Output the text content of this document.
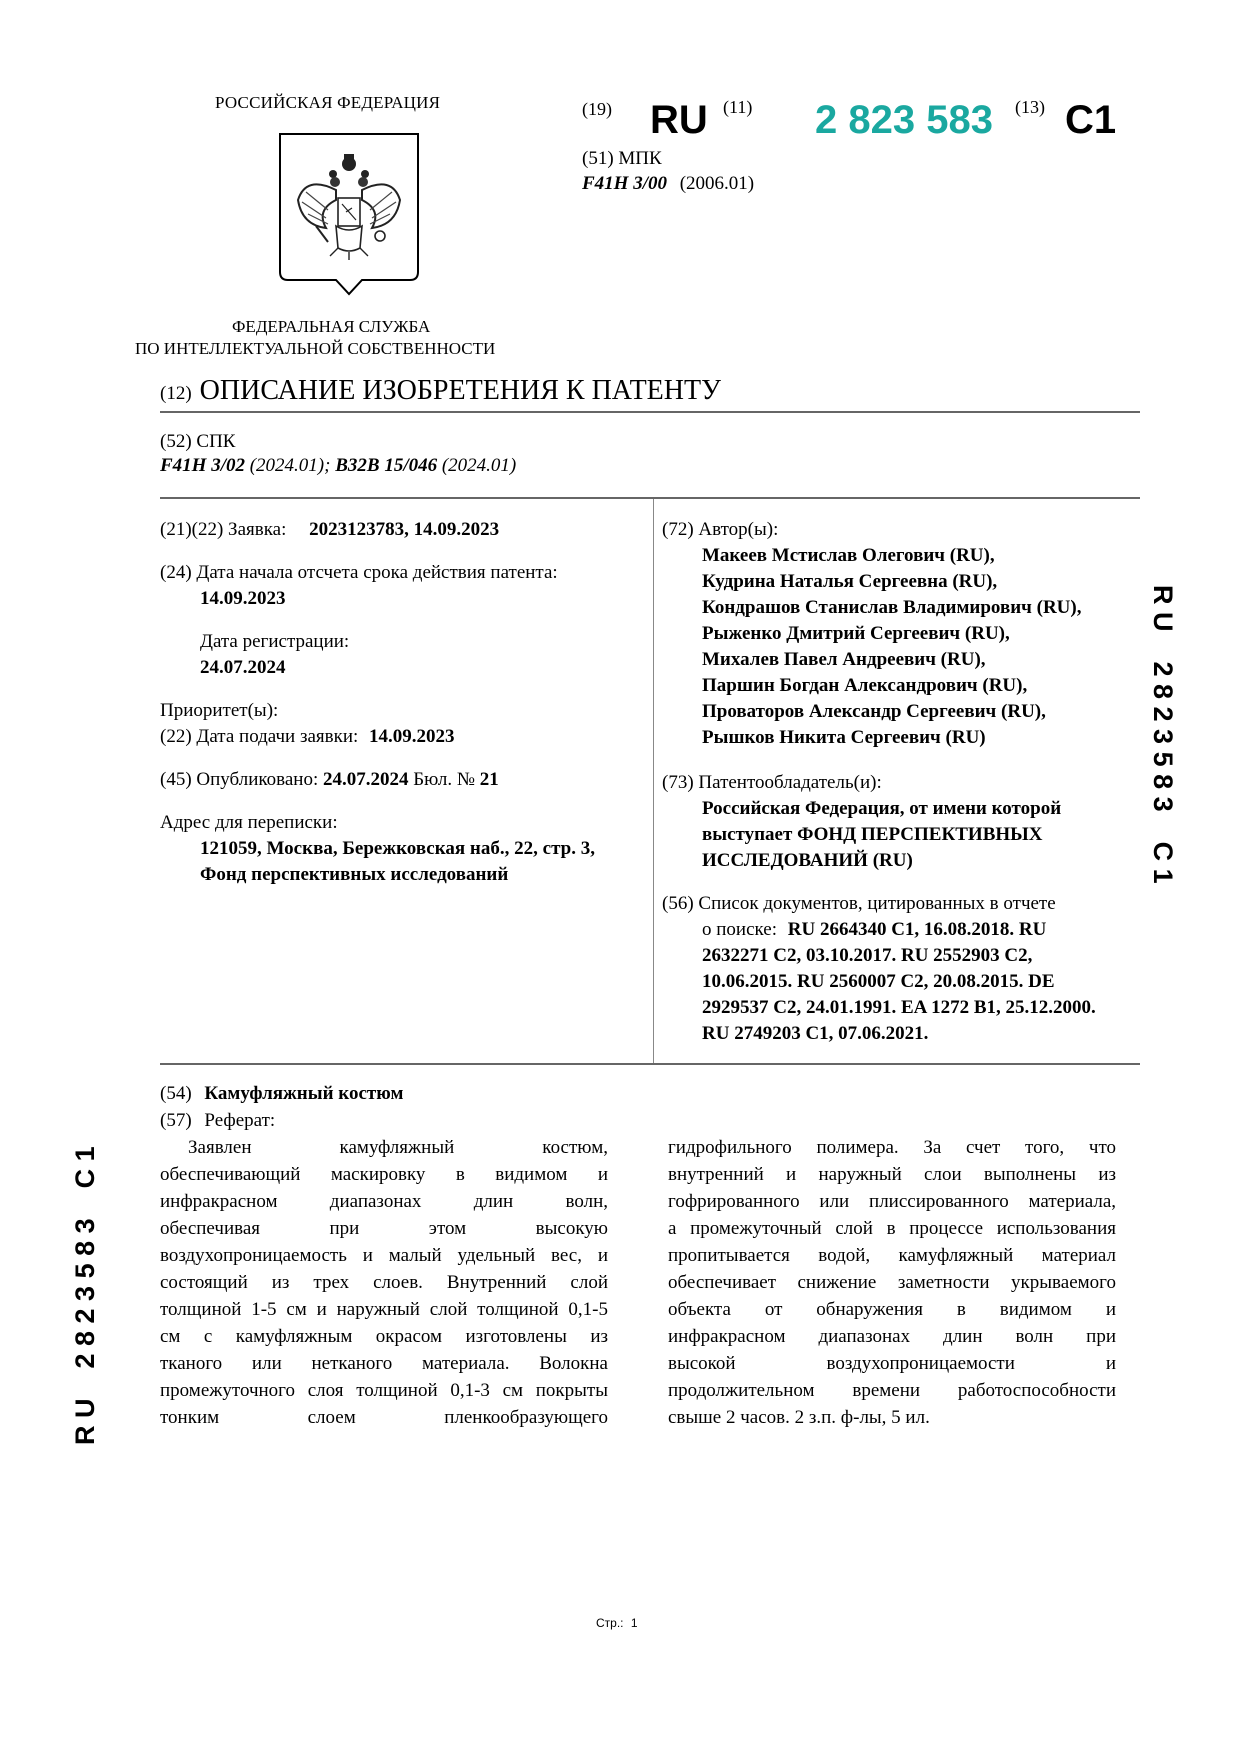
РОССИЙСКАЯ ФЕДЕРАЦИЯ
ФЕДЕРАЛЬНАЯ СЛУЖБА
ПО ИНТЕЛЛЕКТУАЛЬНОЙ СОБСТВЕННОСТИ
(19) RU (11) 2 823 583 (13) C1
(51) МПК
F41H 3/00 (2006.01)
(12) ОПИСАНИЕ ИЗОБРЕТЕНИЯ К ПАТЕНТУ
(52) СПК
F41H 3/02 (2024.01); B32B 15/046 (2024.01)
(21)(22) Заявка: 2023123783, 14.09.2023
(24) Дата начала отсчета срока действия патента:
14.09.2023
Дата регистрации:
24.07.2024
Приоритет(ы):
(22) Дата подачи заявки: 14.09.2023
(45) Опубликовано: 24.07.2024 Бюл. № 21
Адрес для переписки:
121059, Москва, Бережковская наб., 22, стр. 3,
Фонд перспективных исследований
(72) Автор(ы):
Макеев Мстислав Олегович (RU),
Кудрина Наталья Сергеевна (RU),
Кондрашов Станислав Владимирович (RU),
Рыженко Дмитрий Сергеевич (RU),
Михалев Павел Андреевич (RU),
Паршин Богдан Александрович (RU),
Проваторов Александр Сергеевич (RU),
Рышков Никита Сергеевич (RU)
(73) Патентообладатель(и):
Российская Федерация, от имени которой
выступает ФОНД ПЕРСПЕКТИВНЫХ
ИССЛЕДОВАНИЙ (RU)
(56) Список документов, цитированных в отчете
о поиске: RU 2664340 C1, 16.08.2018. RU
2632271 C2, 03.10.2017. RU 2552903 C2,
10.06.2015. RU 2560007 C2, 20.08.2015. DE
2929537 C2, 24.01.1991. EA 1272 B1, 25.12.2000.
RU 2749203 C1, 07.06.2021.
(54) Камуфляжный костюм
(57) Реферат:
Заявлен камуфляжный костюм,
обеспечивающий маскировку в видимом и
инфракрасном диапазонах длин волн,
обеспечивая при этом высокую
воздухопроницаемость и малый удельный вес, и
состоящий из трех слоев. Внутренний слой
толщиной 1-5 см и наружный слой толщиной 0,1-5
см с камуфляжным окрасом изготовлены из
тканого или нетканого материала. Волокна
промежуточного слоя толщиной 0,1-3 см покрыты
тонким слоем пленкообразующего
гидрофильного полимера. За счет того, что
внутренний и наружный слои выполнены из
гофрированного или плиссированного материала,
а промежуточный слой в процессе использования
пропитывается водой, камуфляжный материал
обеспечивает снижение заметности укрываемого
объекта от обнаружения в видимом и
инфракрасном диапазонах длин волн при
высокой воздухопроницаемости и
продолжительном времени работоспособности
свыше 2 часов. 2 з.п. ф-лы, 5 ил.
R U    2 8 2 3 5 8 3    C 1
R U    2 8 2 3 5 8 3    C 1
Стр.: 1
